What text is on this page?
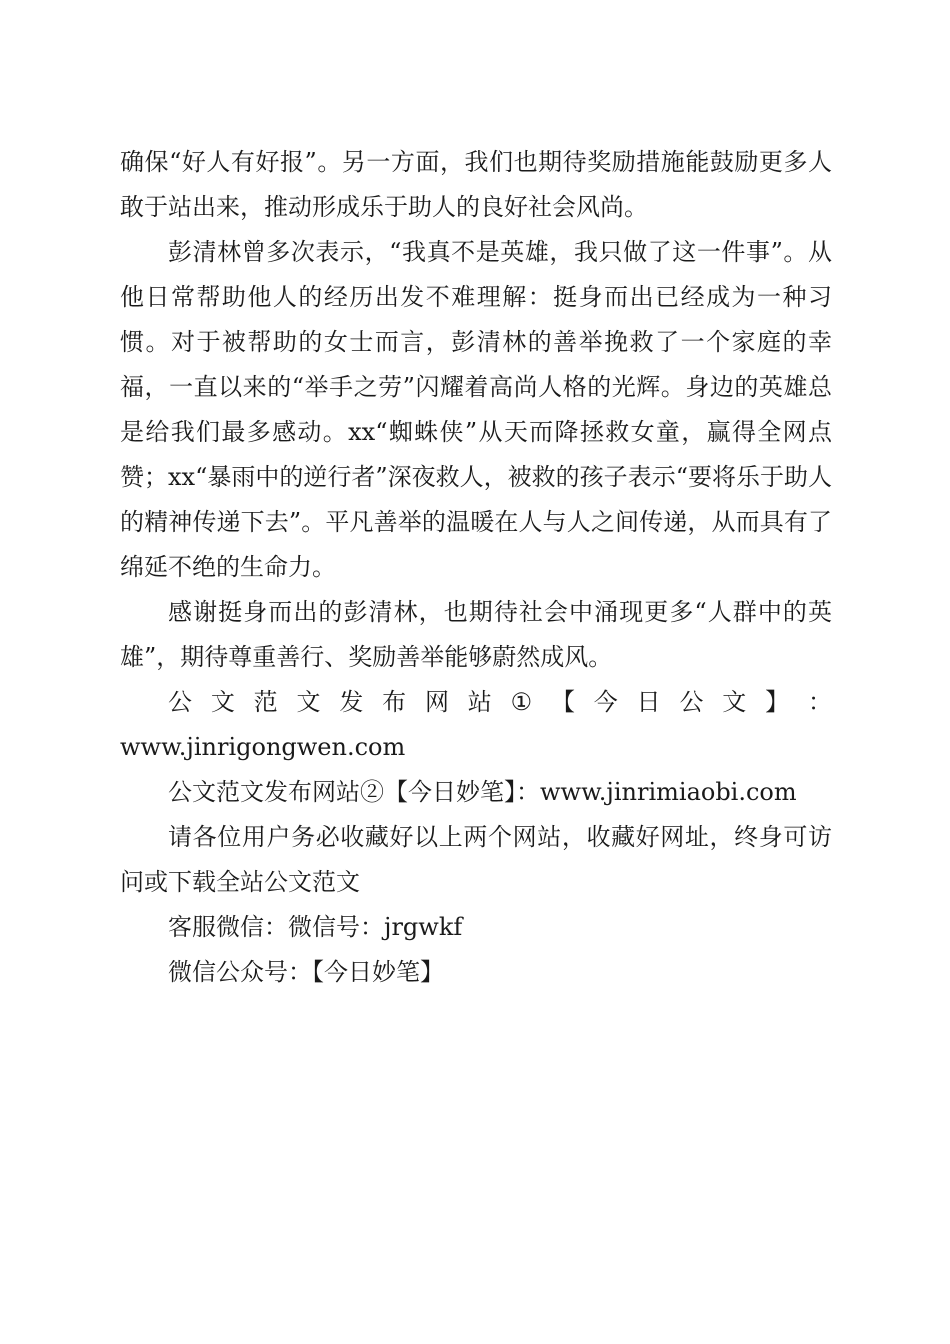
确保“好人有好报”。另一方面，我们也期待奖励措施能鼓励更多人敢于站出来，推动形成乐于助人的良好社会风尚。

彭清林曾多次表示，“我真不是英雄，我只做了这一件事”。从他日常帮助他人的经历出发不难理解：挺身而出已经成为一种习惯。对于被帮助的女士而言，彭清林的善举挽救了一个家庭的幸福，一直以来的“举手之劳”闪耀着高尚人格的光辉。身边的英雄总是给我们最多感动。xx“蜘蛛侠”从天而降拯救女童，赢得全网点赞；xx“暴雨中的逆行者”深夜救人，被救的孩子表示“要将乐于助人的精神传递下去”。平凡善举的温暖在人与人之间传递，从而具有了绵延不绝的生命力。

感谢挺身而出的彭清林，也期待社会中涌现更多“人群中的英雄”，期待尊重善行、奖励善举能够蔚然成风。

公 文 范 文 发 布 网 站 ① 【 今 日 公 文 】 ：
www.jinrigongwen.com
公文范文发布网站②【今日妙笔】：www.jinrimiaobi.com

请各位用户务必收藏好以上两个网站，收藏好网址，终身可访问或下载全站公文范文

客服微信：微信号：jrgwkf
微信公众号：【今日妙笔】
